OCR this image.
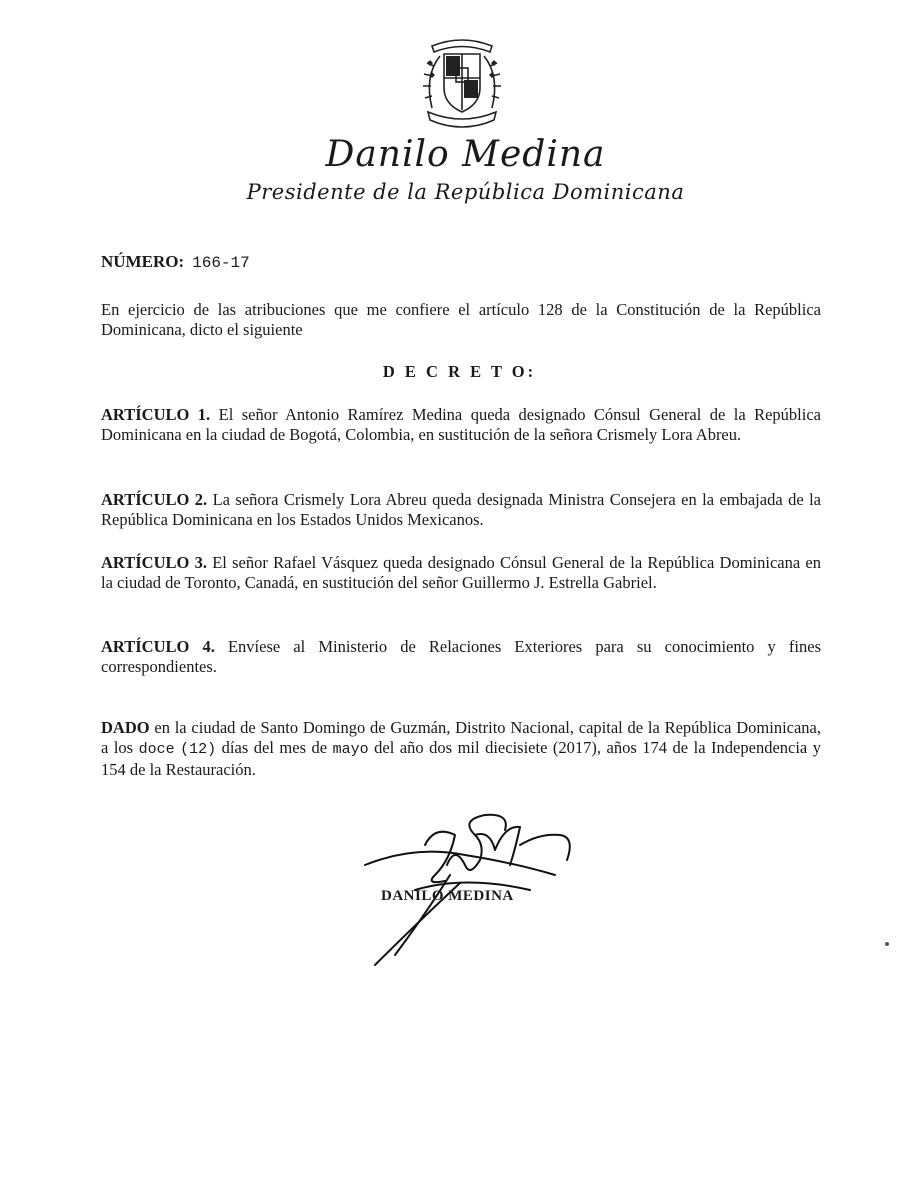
Danilo Medina
Presidente de la República Dominicana
NÚMERO: 166-17
En ejercicio de las atribuciones que me confiere el artículo 128 de la Constitución de la República Dominicana, dicto el siguiente
D E C R E T O:
ARTÍCULO 1. El señor Antonio Ramírez Medina queda designado Cónsul General de la República Dominicana en la ciudad de Bogotá, Colombia, en sustitución de la señora Crismely Lora Abreu.
ARTÍCULO 2. La señora Crismely Lora Abreu queda designada Ministra Consejera en la embajada de la República Dominicana en los Estados Unidos Mexicanos.
ARTÍCULO 3. El señor Rafael Vásquez queda designado Cónsul General de la República Dominicana en la ciudad de Toronto, Canadá, en sustitución del señor Guillermo J. Estrella Gabriel.
ARTÍCULO 4. Envíese al Ministerio de Relaciones Exteriores para su conocimiento y fines correspondientes.
DADO en la ciudad de Santo Domingo de Guzmán, Distrito Nacional, capital de la República Dominicana, a los doce (12) días del mes de mayo del año dos mil diecisiete (2017), años 174 de la Independencia y 154 de la Restauración.
DANILO MEDINA
